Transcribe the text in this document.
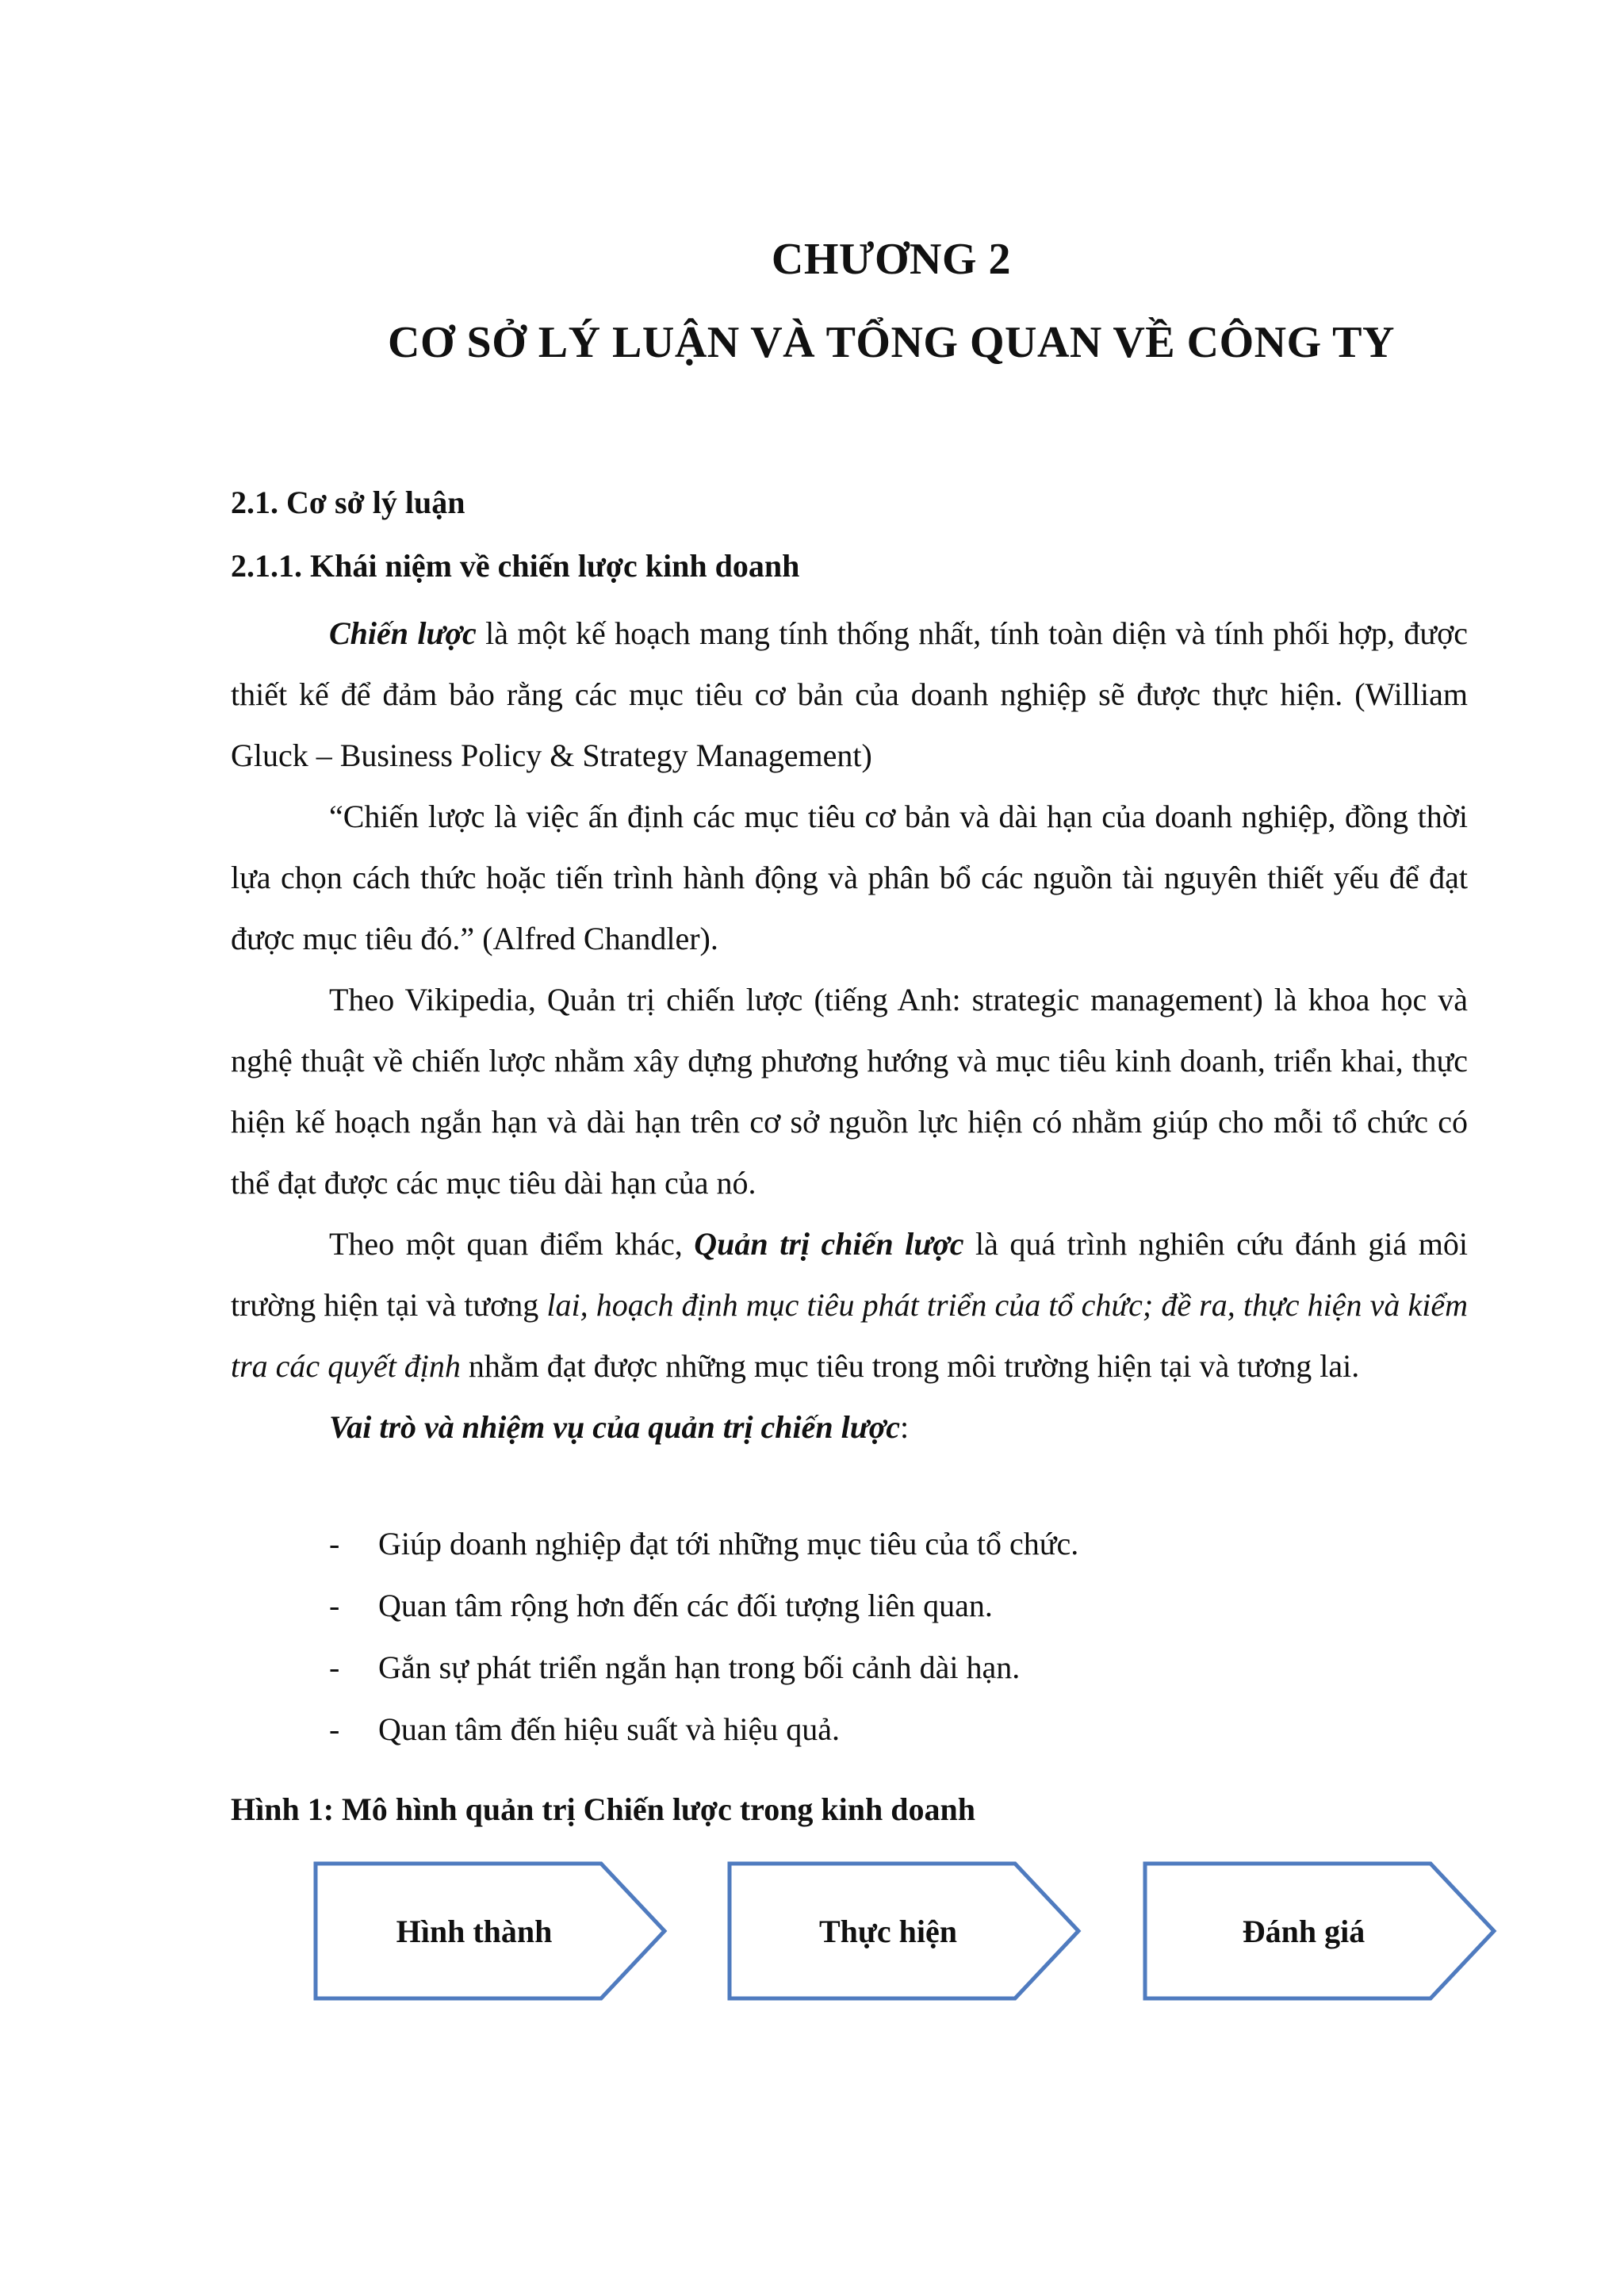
CHƯƠNG 2
CƠ SỞ LÝ LUẬN VÀ TỔNG QUAN VỀ CÔNG TY
2.1. Cơ sở lý luận
2.1.1. Khái niệm về chiến lược kinh doanh

Chiến lược là một kế hoạch mang tính thống nhất, tính toàn diện và tính phối hợp, được thiết kế để đảm bảo rằng các mục tiêu cơ bản của doanh nghiệp sẽ được thực hiện. (William Gluck – Business Policy & Strategy Management)

“Chiến lược là việc ấn định các mục tiêu cơ bản và dài hạn của doanh nghiệp, đồng thời lựa chọn cách thức hoặc tiến trình hành động và phân bổ các nguồn tài nguyên thiết yếu để đạt được mục tiêu đó.” (Alfred Chandler).

Theo Vikipedia, Quản trị chiến lược (tiếng Anh: strategic management) là khoa học và nghệ thuật về chiến lược nhằm xây dựng phương hướng và mục tiêu kinh doanh, triển khai, thực hiện kế hoạch ngắn hạn và dài hạn trên cơ sở nguồn lực hiện có nhằm giúp cho mỗi tổ chức có thể đạt được các mục tiêu dài hạn của nó.

Theo một quan điểm khác, Quản trị chiến lược là quá trình nghiên cứu đánh giá môi trường hiện tại và tương lai, hoạch định mục tiêu phát triển của tổ chức; đề ra, thực hiện và kiểm tra các quyết định nhằm đạt được những mục tiêu trong môi trường hiện tại và tương lai.

Vai trò và nhiệm vụ của quản trị chiến lược:

- Giúp doanh nghiệp đạt tới những mục tiêu của tổ chức.
- Quan tâm rộng hơn đến các đối tượng liên quan.
- Gắn sự phát triển ngắn hạn trong bối cảnh dài hạn.
- Quan tâm đến hiệu suất và hiệu quả.
Hình 1: Mô hình quản trị Chiến lược trong kinh doanh
Hình thành	Thực hiện	Đánh giá
